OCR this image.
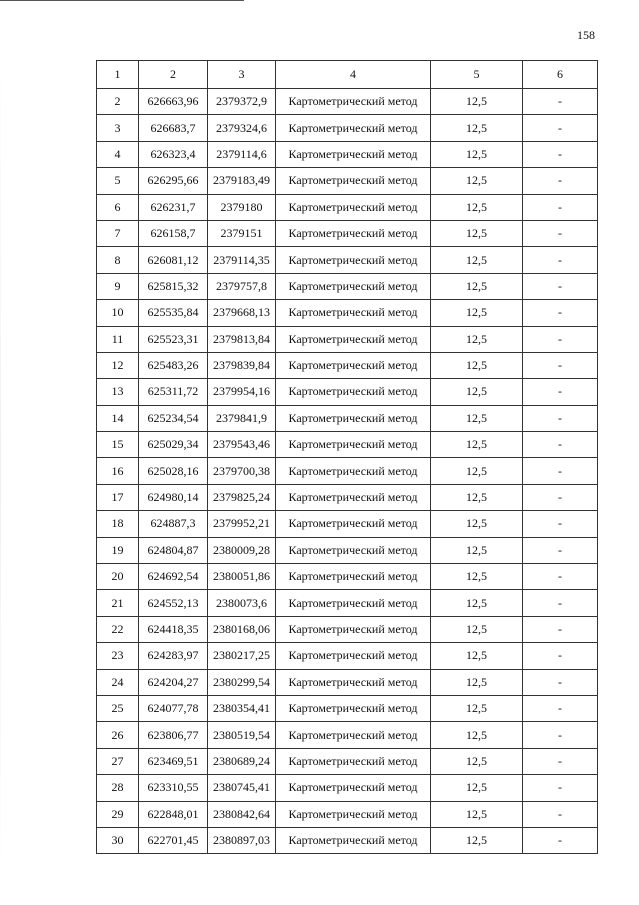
158
1	2	3	4	5	6
2	626663,96	2379372,9	Картометрический метод	12,5	-
3	626683,7	2379324,6	Картометрический метод	12,5	-
4	626323,4	2379114,6	Картометрический метод	12,5	-
5	626295,66	2379183,49	Картометрический метод	12,5	-
6	626231,7	2379180	Картометрический метод	12,5	-
7	626158,7	2379151	Картометрический метод	12,5	-
8	626081,12	2379114,35	Картометрический метод	12,5	-
9	625815,32	2379757,8	Картометрический метод	12,5	-
10	625535,84	2379668,13	Картометрический метод	12,5	-
11	625523,31	2379813,84	Картометрический метод	12,5	-
12	625483,26	2379839,84	Картометрический метод	12,5	-
13	625311,72	2379954,16	Картометрический метод	12,5	-
14	625234,54	2379841,9	Картометрический метод	12,5	-
15	625029,34	2379543,46	Картометрический метод	12,5	-
16	625028,16	2379700,38	Картометрический метод	12,5	-
17	624980,14	2379825,24	Картометрический метод	12,5	-
18	624887,3	2379952,21	Картометрический метод	12,5	-
19	624804,87	2380009,28	Картометрический метод	12,5	-
20	624692,54	2380051,86	Картометрический метод	12,5	-
21	624552,13	2380073,6	Картометрический метод	12,5	-
22	624418,35	2380168,06	Картометрический метод	12,5	-
23	624283,97	2380217,25	Картометрический метод	12,5	-
24	624204,27	2380299,54	Картометрический метод	12,5	-
25	624077,78	2380354,41	Картометрический метод	12,5	-
26	623806,77	2380519,54	Картометрический метод	12,5	-
27	623469,51	2380689,24	Картометрический метод	12,5	-
28	623310,55	2380745,41	Картометрический метод	12,5	-
29	622848,01	2380842,64	Картометрический метод	12,5	-
30	622701,45	2380897,03	Картометрический метод	12,5	-
